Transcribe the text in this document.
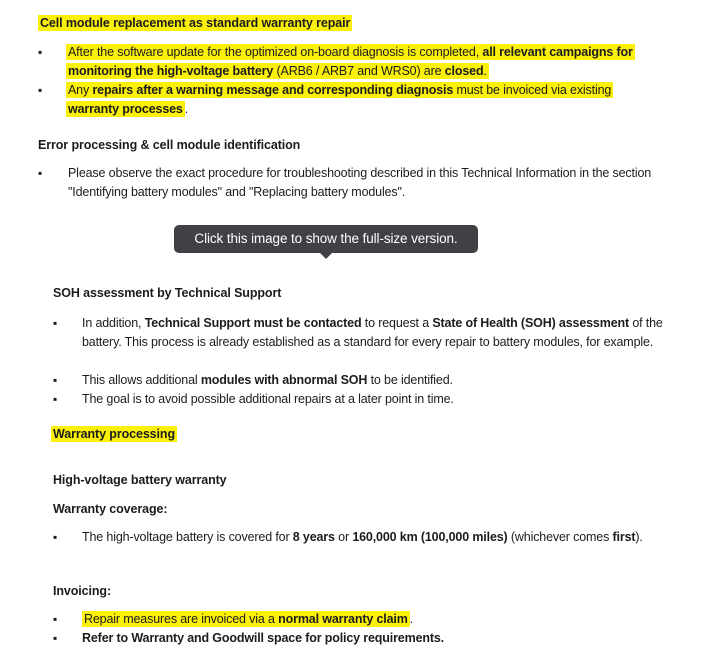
Cell module replacement as standard warranty repair
▪ After the software update for the optimized on-board diagnosis is completed, all relevant campaigns for monitoring the high-voltage battery (ARB6 / ARB7 and WRS0) are closed.
▪ Any repairs after a warning message and corresponding diagnosis must be invoiced via existing warranty processes .
Error processing & cell module identification
▪ Please observe the exact procedure for troubleshooting described in this Technical Information in the section "Identifying battery modules" and "Replacing battery modules".
Click this image to show the full-size version.
SOH assessment by Technical Support
▪ In addition, Technical Support must be contacted to request a State of Health (SOH) assessment of the battery. This process is already established as a standard for every repair to battery modules, for example.
▪ This allows additional modules with abnormal SOH to be identified.
▪ The goal is to avoid possible additional repairs at a later point in time.
Warranty processing
High-voltage battery warranty
Warranty coverage:
▪ The high-voltage battery is covered for 8 years or 160,000 km (100,000 miles) (whichever comes first).
Invoicing:
▪ Repair measures are invoiced via a normal warranty claim .
▪ Refer to Warranty and Goodwill space for policy requirements.
